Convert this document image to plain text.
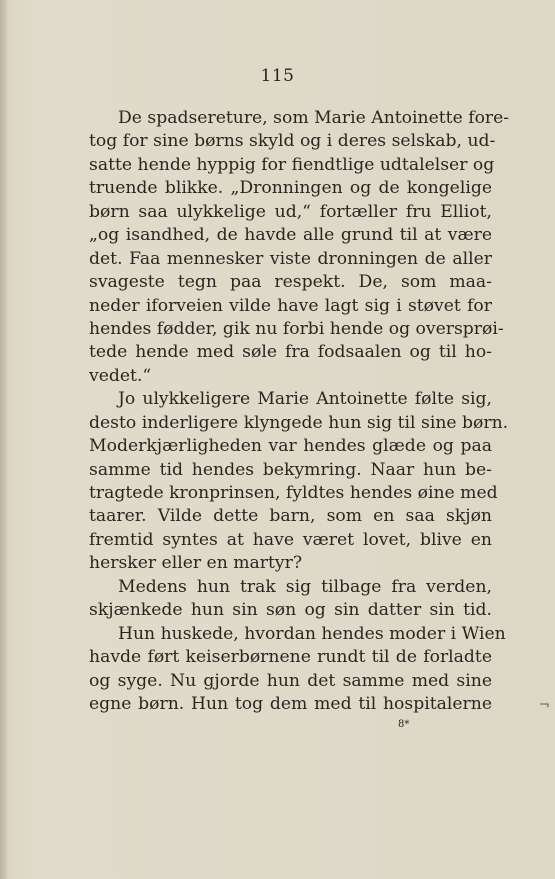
115
De spadsereture, som Marie Antoinette fore-
tog for sine børns skyld og i deres selskab, ud-
satte hende hyppig for fiendtlige udtalelser og
truende blikke. „Dronningen og de kongelige
børn saa ulykkelige ud,“ fortæller fru Elliot,
„og isandhed, de havde alle grund til at være
det. Faa mennesker viste dronningen de aller
svageste tegn paa respekt. De, som maa-
neder iforveien vilde have lagt sig i støvet for
hendes fødder, gik nu forbi hende og oversprøi-
tede hende med søle fra fodsaalen og til ho-
vedet.“
Jo ulykkeligere Marie Antoinette følte sig,
desto inderligere klyngede hun sig til sine børn.
Moderkjærligheden var hendes glæde og paa
samme tid hendes bekymring. Naar hun be-
tragtede kronprinsen, fyldtes hendes øine med
taarer. Vilde dette barn, som en saa skjøn
fremtid syntes at have været lovet, blive en
hersker eller en martyr?
Medens hun trak sig tilbage fra verden,
skjænkede hun sin søn og sin datter sin tid.
Hun huskede, hvordan hendes moder i Wien
havde ført keiserbørnene rundt til de forladte
og syge. Nu gjorde hun det samme med sine
egne børn. Hun tog dem med til hospitalerne
8*
¬
